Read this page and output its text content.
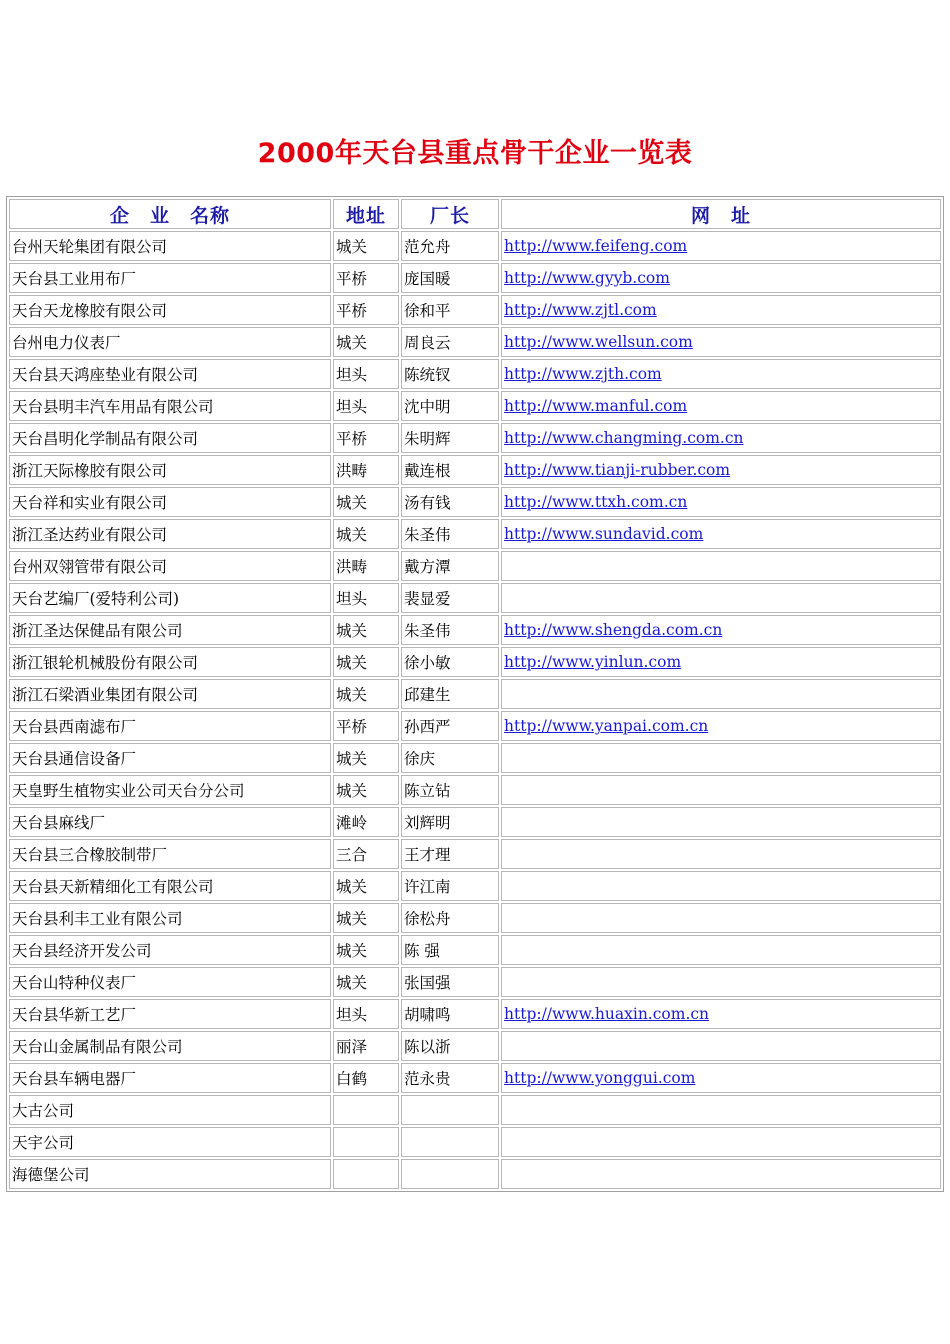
2000年天台县重点骨干企业一览表
企　业　名称	地址	厂长	网　址
台州天轮集团有限公司	城关	范允舟	http://www.feifeng.com
天台县工业用布厂	平桥	庞国暖	http://www.gyyb.com
天台天龙橡胶有限公司	平桥	徐和平	http://www.zjtl.com
台州电力仪表厂	城关	周良云	http://www.wellsun.com
天台县天鸿座垫业有限公司	坦头	陈统钗	http://www.zjth.com
天台县明丰汽车用品有限公司	坦头	沈中明	http://www.manful.com
天台昌明化学制品有限公司	平桥	朱明辉	http://www.changming.com.cn
浙江天际橡胶有限公司	洪畴	戴连根	http://www.tianji-rubber.com
天台祥和实业有限公司	城关	汤有钱	http://www.ttxh.com.cn
浙江圣达药业有限公司	城关	朱圣伟	http://www.sundavid.com
台州双翎管带有限公司	洪畴	戴方潭	
天台艺编厂(爱特利公司)	坦头	裴显爱	
浙江圣达保健品有限公司	城关	朱圣伟	http://www.shengda.com.cn
浙江银轮机械股份有限公司	城关	徐小敏	http://www.yinlun.com
浙江石梁酒业集团有限公司	城关	邱建生	
天台县西南滤布厂	平桥	孙西严	http://www.yanpai.com.cn
天台县通信设备厂	城关	徐庆	
天皇野生植物实业公司天台分公司	城关	陈立钻	
天台县麻线厂	滩岭	刘辉明	
天台县三合橡胶制带厂	三合	王才理	
天台县天新精细化工有限公司	城关	许江南	
天台县利丰工业有限公司	城关	徐松舟	
天台县经济开发公司	城关	陈 强	
天台山特种仪表厂	城关	张国强	
天台县华新工艺厂	坦头	胡啸鸣	http://www.huaxin.com.cn
天台山金属制品有限公司	丽泽	陈以浙	
天台县车辆电器厂	白鹤	范永贵	http://www.yonggui.com
大古公司			
天宇公司			
海德堡公司			
